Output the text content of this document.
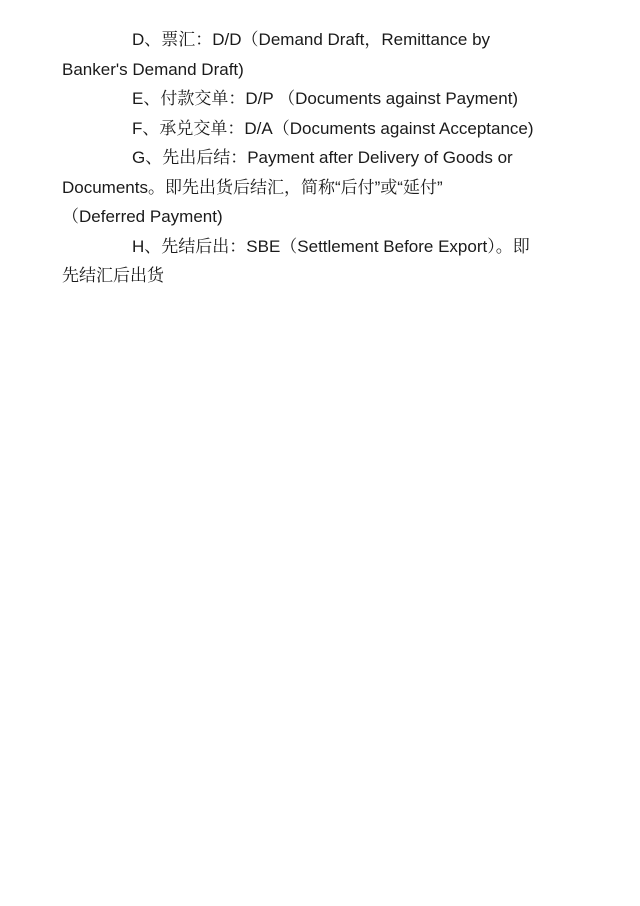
D、票汇：D/D（Demand Draft，Remittance by
Banker's Demand Draft)

E、付款交单：D/P （Documents against Payment)

F、承兑交单：D/A（Documents against Acceptance)

G、先出后结：Payment after Delivery of Goods or
Documents。即先出货后结汇，简称“后付”或“延付”
（Deferred Payment)

H、先结后出：SBE（Settlement Before Export）。即
先结汇后出货
